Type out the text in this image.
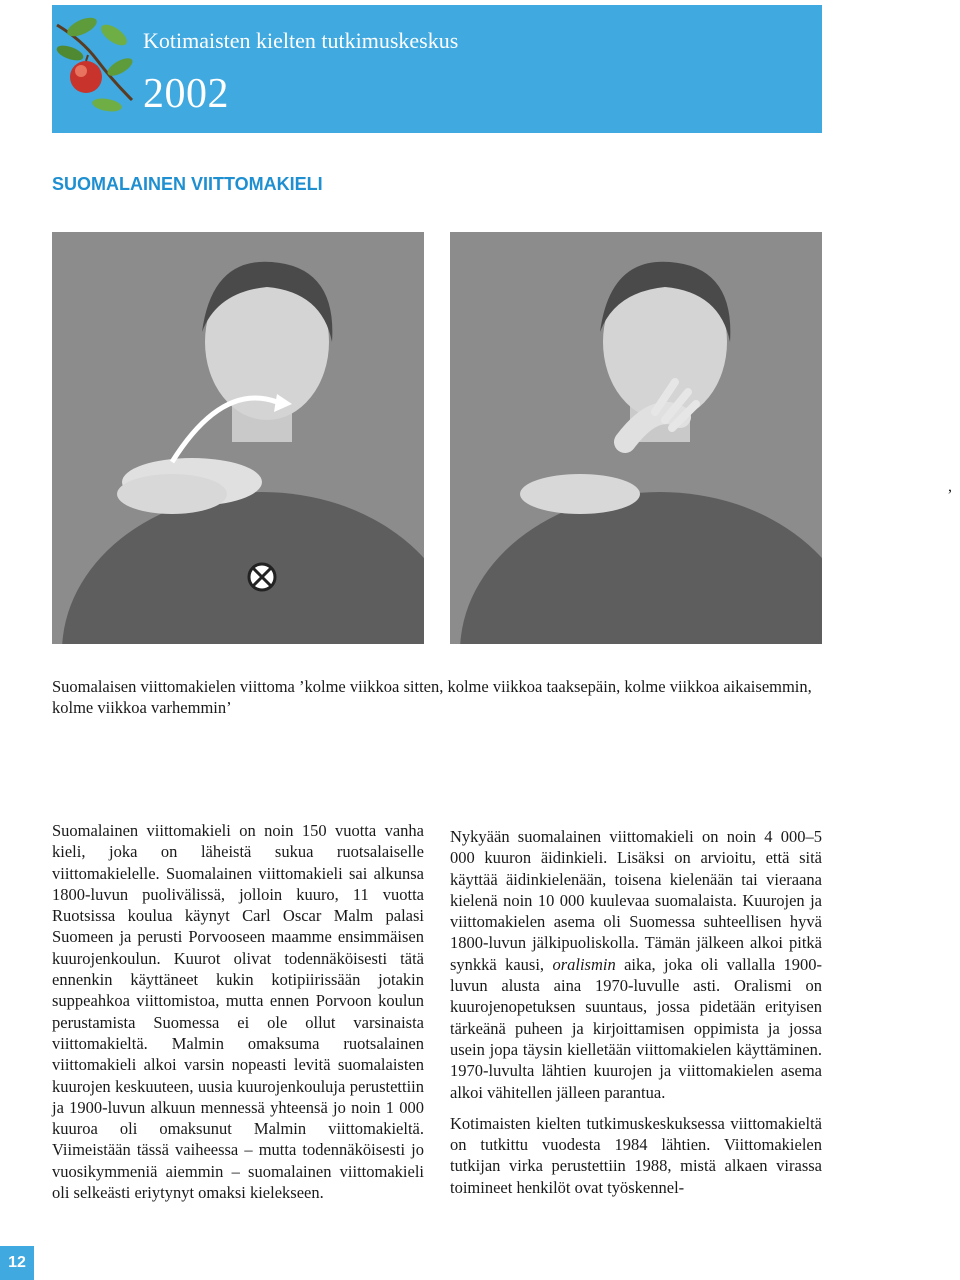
Kotimaisten kielten tutkimuskeskus
2002
SUOMALAINEN VIITTOMAKIELI
,
Suomalaisen viittomakielen viittoma ’kolme viikkoa sitten, kolme viikkoa taaksepäin, kolme viikkoa aikaisemmin, kolme viikkoa varhemmin’

Suomalainen viittomakieli on noin 150 vuotta vanha kieli, joka on läheistä sukua ruotsalaiselle viittomakielelle. Suomalainen viittomakieli sai alkunsa 1800-luvun puolivälissä, jolloin kuuro, 11 vuotta Ruotsissa koulua käynyt Carl Oscar Malm palasi Suomeen ja perusti Porvooseen maamme ensimmäisen kuurojenkoulun. Kuurot olivat todennäköisesti tätä ennenkin käyttäneet kukin kotipiirissään jotakin suppeahkoa viittomistoa, mutta ennen Porvoon koulun perustamista Suomessa ei ole ollut varsinaista viittomakieltä. Malmin omaksuma ruotsalainen viittomakieli alkoi varsin nopeasti levitä suomalaisten kuurojen keskuuteen, uusia kuurojenkouluja perustettiin ja 1900-luvun alkuun mennessä yhteensä jo noin 1 000 kuuroa oli omaksunut Malmin viittomakieltä. Viimeistään tässä vaiheessa – mutta todennäköisesti jo vuosikymmeniä aiemmin – suomalainen viittomakieli oli selkeästi eriytynyt omaksi kielekseen.

Nykyään suomalainen viittomakieli on noin 4 000–5 000 kuuron äidinkieli. Lisäksi on arvioitu, että sitä käyttää äidinkielenään, toisena kielenään tai vieraana kielenä noin 10 000 kuulevaa suomalaista. Kuurojen ja viittomakielen asema oli Suomessa suhteellisen hyvä 1800-luvun jälkipuoliskolla. Tämän jälkeen alkoi pitkä synkkä kausi, oralismin aika, joka oli vallalla 1900-luvun alusta aina 1970-luvulle asti. Oralismi on kuurojenopetuksen suuntaus, jossa pidetään erityisen tärkeänä puheen ja kirjoittamisen oppimista ja jossa usein jopa täysin kielletään viittomakielen käyttäminen. 1970-luvulta lähtien kuurojen ja viittomakielen asema alkoi vähitellen jälleen parantua.

Kotimaisten kielten tutkimuskeskuksessa viittomakieltä on tutkittu vuodesta 1984 lähtien. Viittomakielen tutkijan virka perustettiin 1988, mistä alkaen virassa toimineet henkilöt ovat työskennel-

12
